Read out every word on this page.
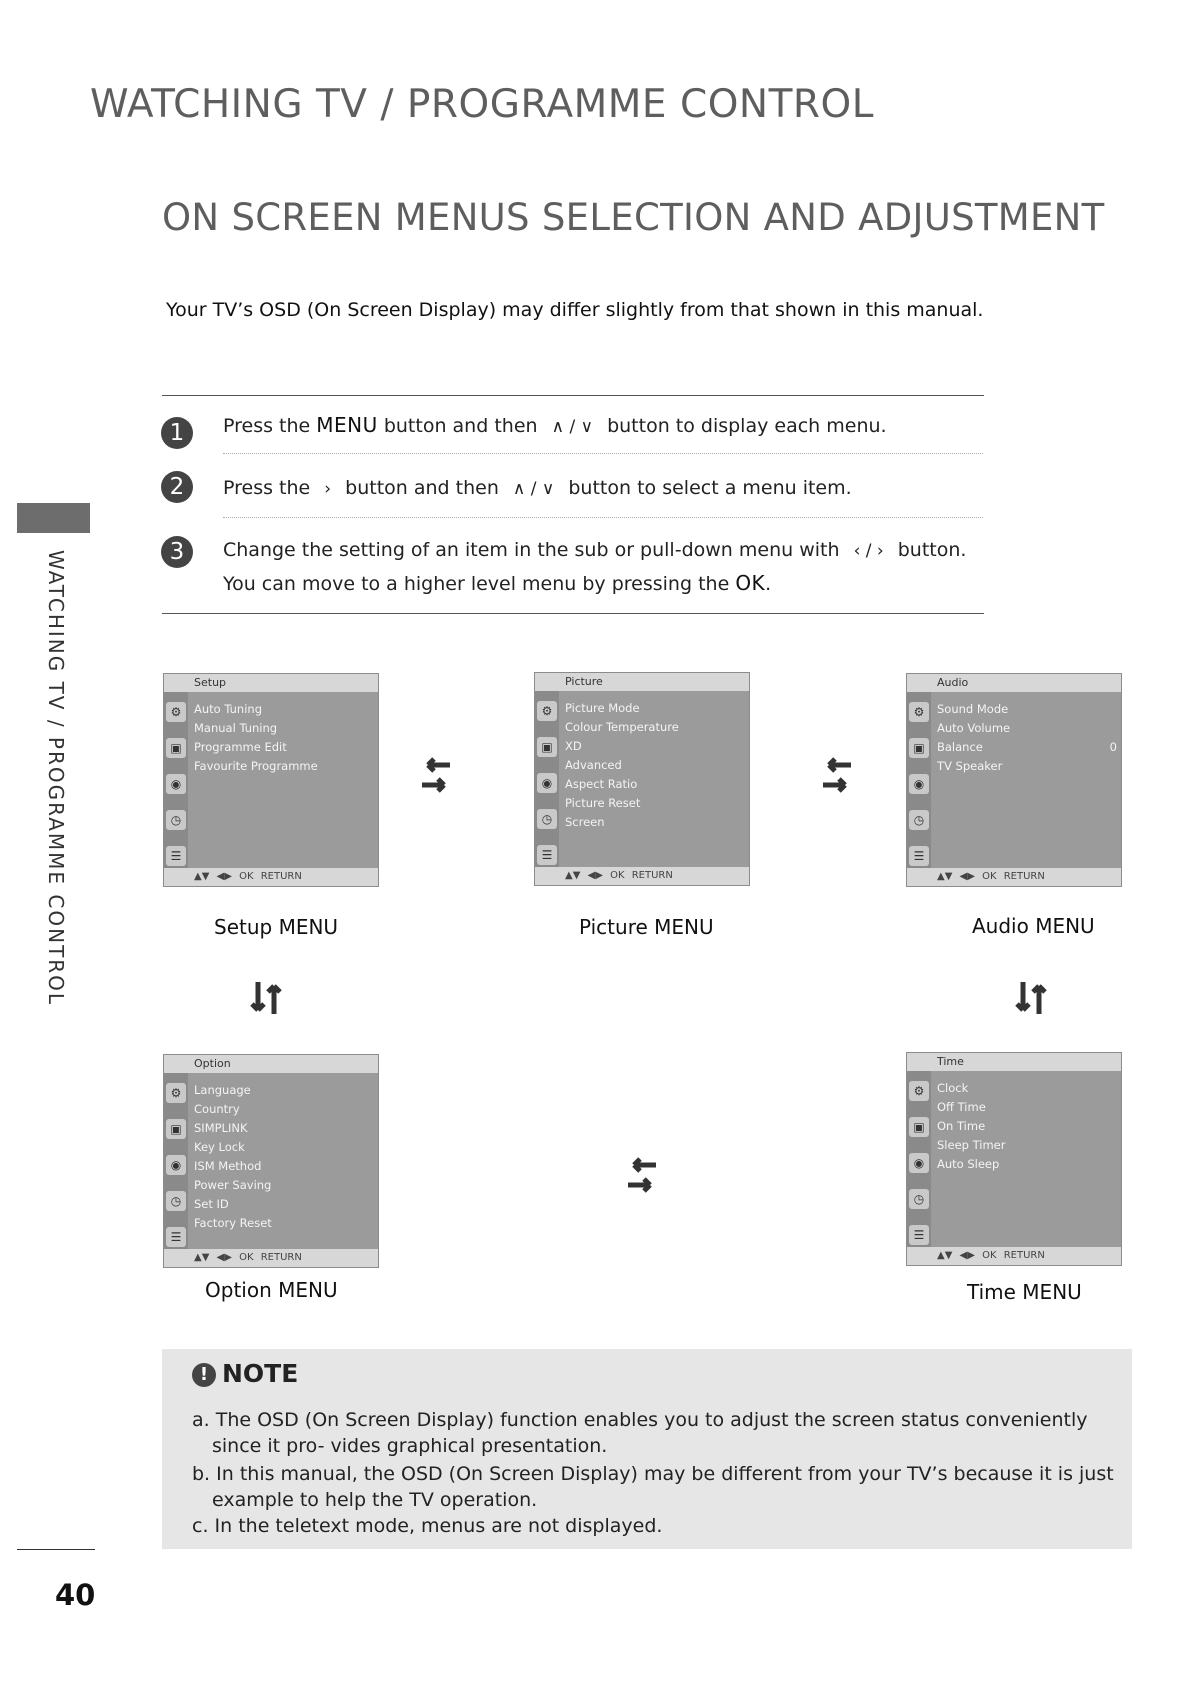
WATCHING TV / PROGRAMME CONTROL
ON SCREEN MENUS SELECTION AND ADJUSTMENT
Your TV’s OSD (On Screen Display) may differ slightly from that shown in this manual.
WATCHING TV / PROGRAMME CONTROL
1	Press the MENU button and then ∧ / ∨ button to display each menu.
2	Press the › button and then ∧ / ∨ button to select a menu item.
3	Change the setting of an item in the sub or pull-down menu with ‹ / › button.
You can move to a higher level menu by pressing the OK.
Setup
⚙
▣
◉
◷
☰
Auto Tuning
Manual Tuning
Programme Edit
Favourite Programme
▲▼ ◀▶ OK RETURN
Setup MENU
Picture
⚙
▣
◉
◷
☰
Picture Mode
Colour Temperature
XD
Advanced
Aspect Ratio
Picture Reset
Screen
▲▼ ◀▶ OK RETURN
Picture MENU
Audio
⚙
▣
◉
◷
☰
Sound Mode
Auto Volume
Balance	0
TV Speaker
▲▼ ◀▶ OK RETURN
Audio MENU
Option
⚙
▣
◉
◷
☰
Language
Country
SIMPLINK
Key Lock
ISM Method
Power Saving
Set ID
Factory Reset
▲▼ ◀▶ OK RETURN
Option MENU
Time
⚙
▣
◉
◷
☰
Clock
Off Time
On Time
Sleep Timer
Auto Sleep
▲▼ ◀▶ OK RETURN
Time MENU
! NOTE
a. The OSD (On Screen Display) function enables you to adjust the screen status conveniently since it pro- vides graphical presentation.
b. In this manual, the OSD (On Screen Display) may be different from your TV’s because it is just example to help the TV operation.
c. In the teletext mode, menus are not displayed.
40
